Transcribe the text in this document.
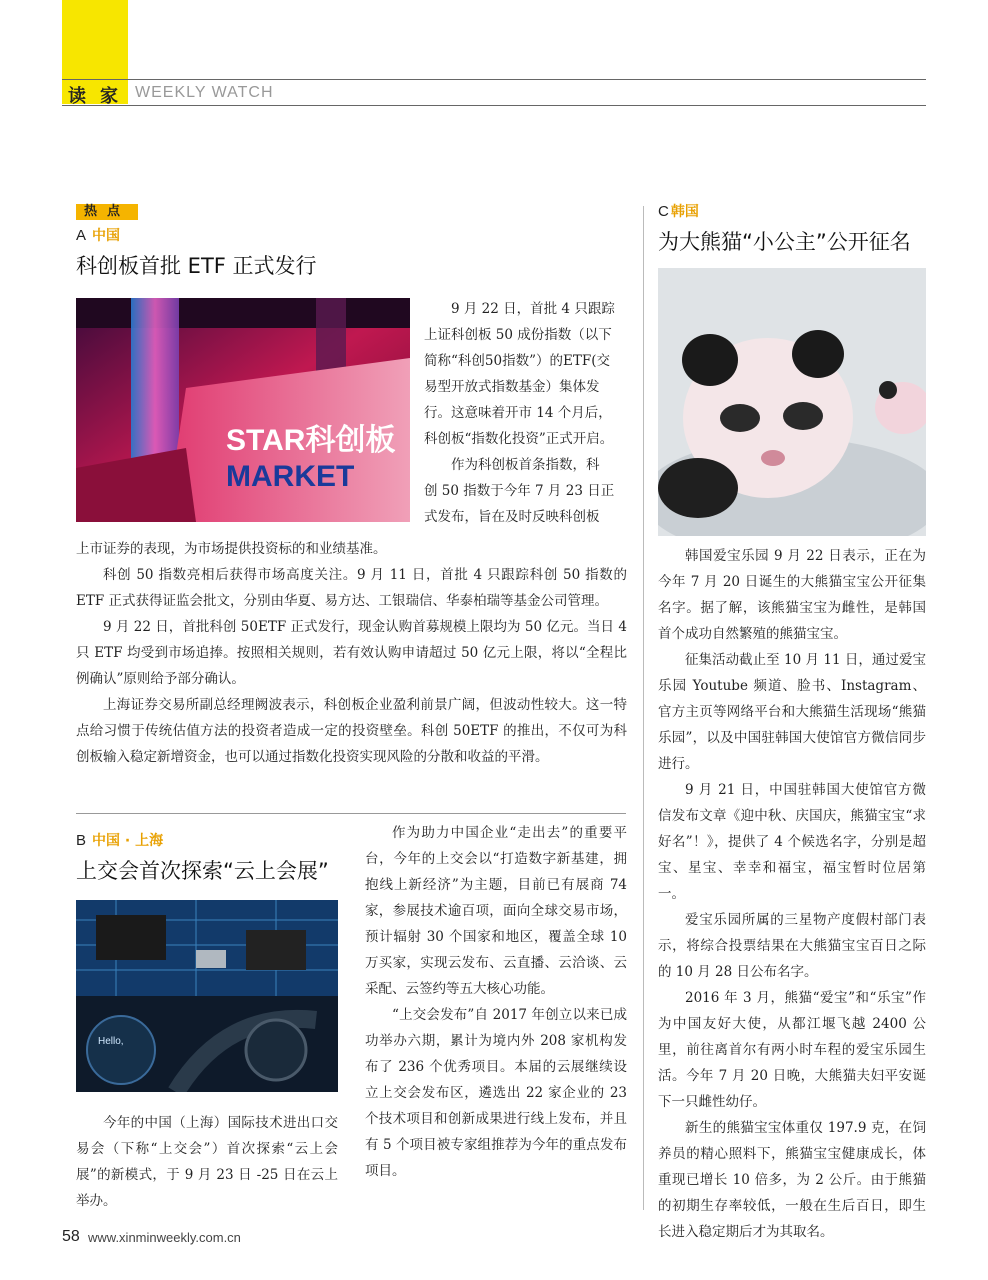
读家 WEEKLY WATCH
热点
A 中国
科创板首批 ETF 正式发行
STAR科创板
MARKET
9 月 22 日，首批 4 只跟踪
上证科创板 50 成份指数（以下
简称“科创50指数”）的ETF(交
易型开放式指数基金）集体发
行。这意味着开市 14 个月后，
科创板“指数化投资”正式开启。
作为科创板首条指数，科
创 50 指数于今年 7 月 23 日正
式发布，旨在及时反映科创板
上市证券的表现，为市场提供投资标的和业绩基准。

科创 50 指数亮相后获得市场高度关注。9 月 11 日，首批 4 只跟踪科创 50 指数的 ETF 正式获得证监会批文，分别由华夏、易方达、工银瑞信、华泰柏瑞等基金公司管理。

9 月 22 日，首批科创 50ETF 正式发行，现金认购首募规模上限均为 50 亿元。当日 4 只 ETF 均受到市场追捧。按照相关规则，若有效认购申请超过 50 亿元上限，将以“全程比例确认”原则给予部分确认。

上海证券交易所副总经理阙波表示，科创板企业盈利前景广阔，但波动性较大。这一特点给习惯于传统估值方法的投资者造成一定的投资壁垒。科创 50ETF 的推出，不仅可为科创板输入稳定新增资金，也可以通过指数化投资实现风险的分散和收益的平滑。

B 中国 · 上海
上交会首次探索“云上会展”
Hello,

今年的中国（上海）国际技术进出口交易会（下称“上交会”）首次探索“云上会展”的新模式，于 9 月 23 日 -25 日在云上举办。

作为助力中国企业“走出去”的重要平台，今年的上交会以“打造数字新基建，拥抱线上新经济”为主题，目前已有展商 74 家，参展技术逾百项，面向全球交易市场，预计辐射 30 个国家和地区，覆盖全球 10 万买家，实现云发布、云直播、云洽谈、云采配、云签约等五大核心功能。

“上交会发布”自 2017 年创立以来已成功举办六期，累计为境内外 208 家机构发布了 236 个优秀项目。本届的云展继续设立上交会发布区，遴选出 22 家企业的 23 个技术项目和创新成果进行线上发布，并且有 5 个项目被专家组推荐为今年的重点发布项目。

C 韩国
为大熊猫“小公主”公开征名

韩国爱宝乐园 9 月 22 日表示，正在为今年 7 月 20 日诞生的大熊猫宝宝公开征集名字。据了解，该熊猫宝宝为雌性，是韩国首个成功自然繁殖的熊猫宝宝。

征集活动截止至 10 月 11 日，通过爱宝乐园 Youtube 频道、脸书、Instagram、官方主页等网络平台和大熊猫生活现场“熊猫乐园”，以及中国驻韩国大使馆官方微信同步进行。

9 月 21 日，中国驻韩国大使馆官方微信发布文章《迎中秋、庆国庆，熊猫宝宝“求好名”！》，提供了 4 个候选名字，分别是超宝、星宝、幸幸和福宝，福宝暂时位居第一。

爱宝乐园所属的三星物产度假村部门表示，将综合投票结果在大熊猫宝宝百日之际的 10 月 28 日公布名字。

2016 年 3 月，熊猫“爱宝”和“乐宝”作为中国友好大使，从都江堰飞越 2400 公里，前往离首尔有两小时车程的爱宝乐园生活。今年 7 月 20 日晚，大熊猫夫妇平安诞下一只雌性幼仔。

新生的熊猫宝宝体重仅 197.9 克，在饲养员的精心照料下，熊猫宝宝健康成长，体重现已增长 10 倍多，为 2 公斤。由于熊猫的初期生存率较低，一般在生后百日，即生长进入稳定期后才为其取名。

58 www.xinminweekly.com.cn
